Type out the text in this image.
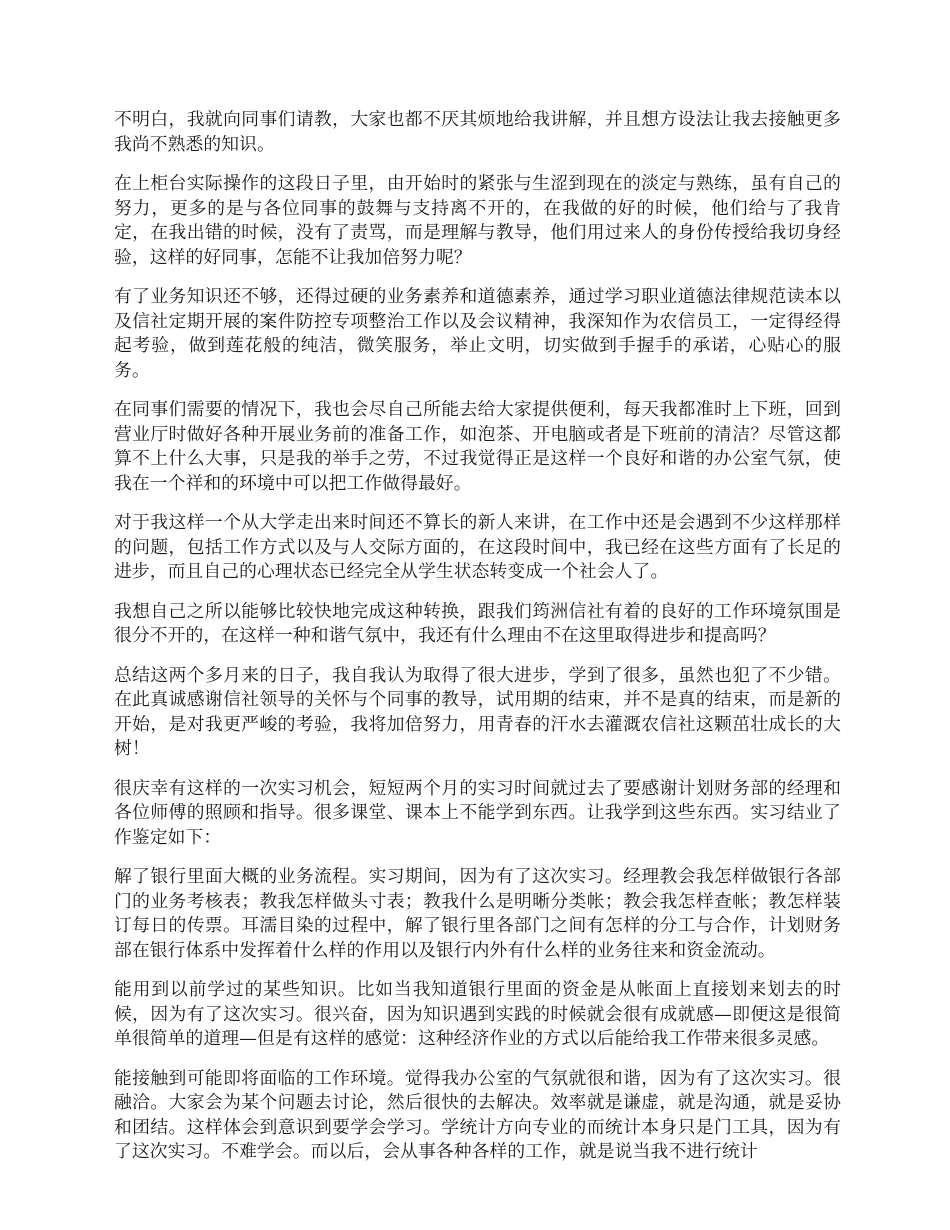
不明白，我就向同事们请教，大家也都不厌其烦地给我讲解，并且想方设法让我去接触更多我尚不熟悉的知识。

在上柜台实际操作的这段日子里，由开始时的紧张与生涩到现在的淡定与熟练，虽有自己的努力，更多的是与各位同事的鼓舞与支持离不开的，在我做的好的时候，他们给与了我肯定，在我出错的时候，没有了责骂，而是理解与教导，他们用过来人的身份传授给我切身经验，这样的好同事，怎能不让我加倍努力呢？

有了业务知识还不够，还得过硬的业务素养和道德素养，通过学习职业道德法律规范读本以及信社定期开展的案件防控专项整治工作以及会议精神，我深知作为农信员工，一定得经得起考验，做到莲花般的纯洁，微笑服务，举止文明，切实做到手握手的承诺，心贴心的服务。

在同事们需要的情况下，我也会尽自己所能去给大家提供便利，每天我都准时上下班，回到营业厅时做好各种开展业务前的准备工作，如泡茶、开电脑或者是下班前的清洁？尽管这都算不上什么大事，只是我的举手之劳，不过我觉得正是这样一个良好和谐的办公室气氛，使我在一个祥和的环境中可以把工作做得最好。

对于我这样一个从大学走出来时间还不算长的新人来讲，在工作中还是会遇到不少这样那样的问题，包括工作方式以及与人交际方面的，在这段时间中，我已经在这些方面有了长足的进步，而且自己的心理状态已经完全从学生状态转变成一个社会人了。

我想自己之所以能够比较快地完成这种转换，跟我们筠洲信社有着的良好的工作环境氛围是很分不开的，在这样一种和谐气氛中，我还有什么理由不在这里取得进步和提高吗？

总结这两个多月来的日子，我自我认为取得了很大进步，学到了很多，虽然也犯了不少错。在此真诚感谢信社领导的关怀与个同事的教导，试用期的结束，并不是真的结束，而是新的开始，是对我更严峻的考验，我将加倍努力，用青春的汗水去灌溉农信社这颗茁壮成长的大树！

很庆幸有这样的一次实习机会，短短两个月的实习时间就过去了要感谢计划财务部的经理和各位师傅的照顾和指导。很多课堂、课本上不能学到东西。让我学到这些东西。实习结业了作鉴定如下：

解了银行里面大概的业务流程。实习期间，因为有了这次实习。经理教会我怎样做银行各部门的业务考核表；教我怎样做头寸表；教我什么是明晰分类帐；教会我怎样查帐；教怎样装订每日的传票。耳濡目染的过程中，解了银行里各部门之间有怎样的分工与合作，计划财务部在银行体系中发挥着什么样的作用以及银行内外有什么样的业务往来和资金流动。

能用到以前学过的某些知识。比如当我知道银行里面的资金是从帐面上直接划来划去的时候，因为有了这次实习。很兴奋，因为知识遇到实践的时候就会很有成就感—即便这是很简单很简单的道理—但是有这样的感觉：这种经济作业的方式以后能给我工作带来很多灵感。

能接触到可能即将面临的工作环境。觉得我办公室的气氛就很和谐，因为有了这次实习。很融洽。大家会为某个问题去讨论，然后很快的去解决。效率就是谦虚，就是沟通，就是妥协和团结。这样体会到意识到要学会学习。学统计方向专业的而统计本身只是门工具，因为有了这次实习。不难学会。而以后，会从事各种各样的工作，就是说当我不进行统计
